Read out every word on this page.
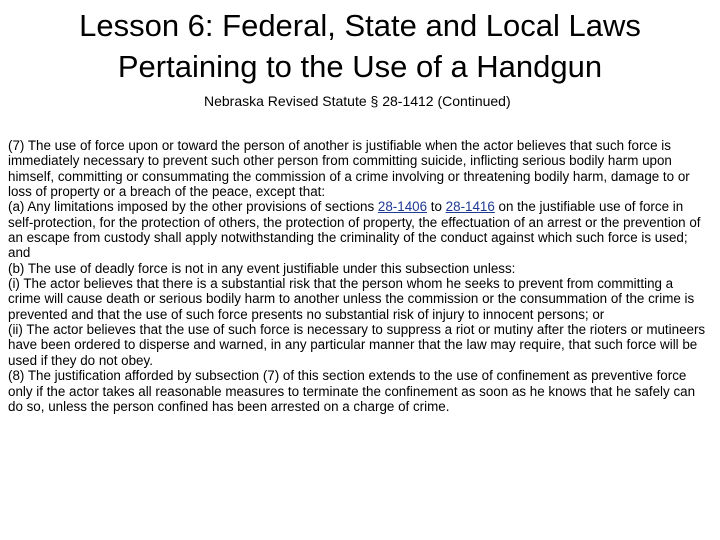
Lesson 6: Federal, State and Local Laws
Pertaining to the Use of a Handgun

Nebraska Revised Statute § 28-1412 (Continued)

(7) The use of force upon or toward the person of another is justifiable when the actor believes that such force is immediately necessary to prevent such other person from committing suicide, inflicting serious bodily harm upon himself, committing or consummating the commission of a crime involving or threatening bodily harm, damage to or loss of property or a breach of the peace, except that:

(a) Any limitations imposed by the other provisions of sections 28-1406 to 28-1416 on the justifiable use of force in self-protection, for the protection of others, the protection of property, the effectuation of an arrest or the prevention of an escape from custody shall apply notwithstanding the criminality of the conduct against which such force is used; and

(b) The use of deadly force is not in any event justifiable under this subsection unless:

(i) The actor believes that there is a substantial risk that the person whom he seeks to prevent from committing a crime will cause death or serious bodily harm to another unless the commission or the consummation of the crime is prevented and that the use of such force presents no substantial risk of injury to innocent persons; or

(ii) The actor believes that the use of such force is necessary to suppress a riot or mutiny after the rioters or mutineers have been ordered to disperse and warned, in any particular manner that the law may require, that such force will be used if they do not obey.

(8) The justification afforded by subsection (7) of this section extends to the use of confinement as preventive force only if the actor takes all reasonable measures to terminate the confinement as soon as he knows that he safely can do so, unless the person confined has been arrested on a charge of crime.
